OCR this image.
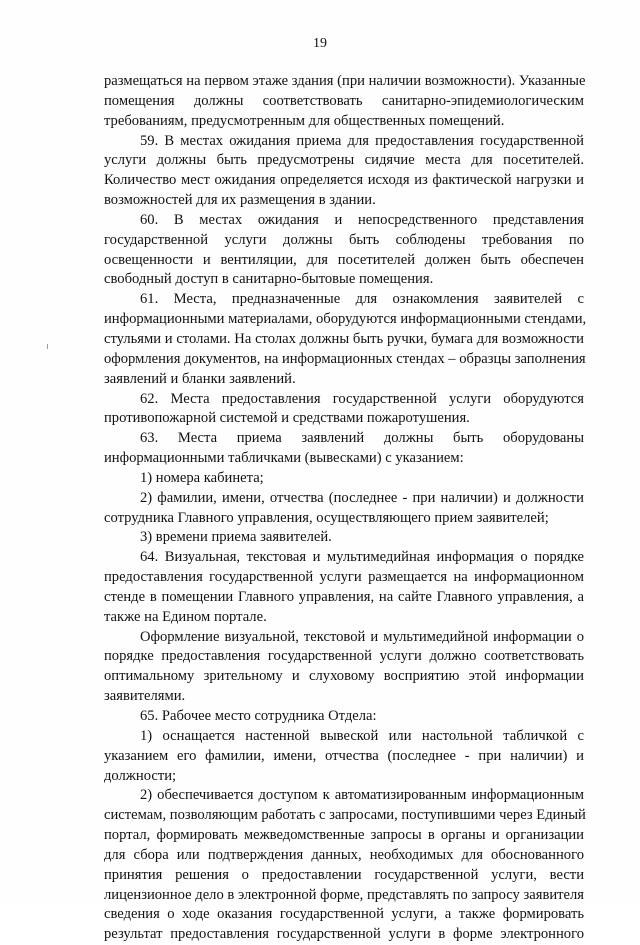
19
размещаться на первом этаже здания (при наличии возможности). Указанные
помещения должны соответствовать санитарно-эпидемиологическим
требованиям, предусмотренным для общественных помещений.
59. В местах ожидания приема для предоставления государственной
услуги должны быть предусмотрены сидячие места для посетителей.
Количество мест ожидания определяется исходя из фактической нагрузки и
возможностей для их размещения в здании.
60. В местах ожидания и непосредственного представления
государственной услуги должны быть соблюдены требования по
освещенности и вентиляции, для посетителей должен быть обеспечен
свободный доступ в санитарно-бытовые помещения.
61. Места, предназначенные для ознакомления заявителей с
информационными материалами, оборудуются информационными стендами,
стульями и столами. На столах должны быть ручки, бумага для возможности
оформления документов, на информационных стендах – образцы заполнения
заявлений и бланки заявлений.
62. Места предоставления государственной услуги оборудуются
противопожарной системой и средствами пожаротушения.
63. Места приема заявлений должны быть оборудованы
информационными табличками (вывесками) с указанием:
1) номера кабинета;
2) фамилии, имени, отчества (последнее - при наличии) и должности
сотрудника Главного управления, осуществляющего прием заявителей;
3) времени приема заявителей.
64. Визуальная, текстовая и мультимедийная информация о порядке
предоставления государственной услуги размещается на информационном
стенде в помещении Главного управления, на сайте Главного управления, а
также на Едином портале.
Оформление визуальной, текстовой и мультимедийной информации о
порядке предоставления государственной услуги должно соответствовать
оптимальному зрительному и слуховому восприятию этой информации
заявителями.
65. Рабочее место сотрудника Отдела:
1) оснащается настенной вывеской или настольной табличкой с
указанием его фамилии, имени, отчества (последнее - при наличии) и
должности;
2) обеспечивается доступом к автоматизированным информационным
системам, позволяющим работать с запросами, поступившими через Единый
портал, формировать межведомственные запросы в органы и организации
для сбора или подтверждения данных, необходимых для обоснованного
принятия решения о предоставлении государственной услуги, вести
лицензионное дело в электронной форме, представлять по запросу заявителя
сведения о ходе оказания государственной услуги, а также формировать
результат предоставления государственной услуги в форме электронного
